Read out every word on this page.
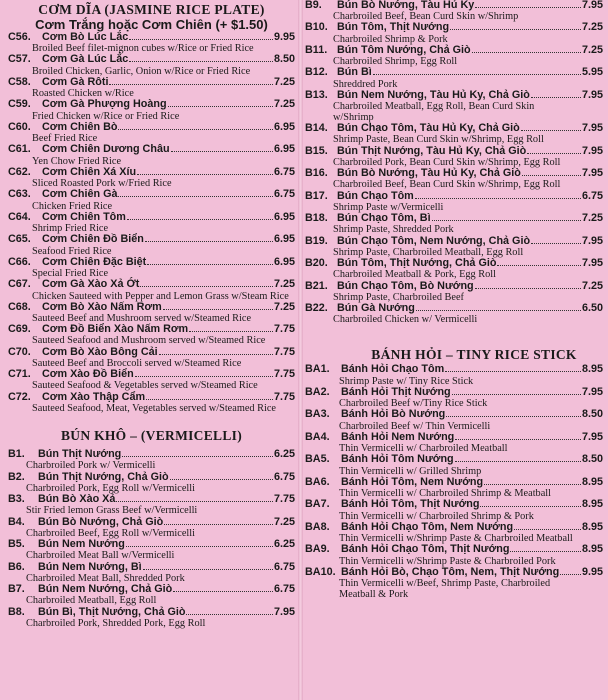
CƠM DĨA (JASMINE RICE PLATE)
Cơm Trắng hoặc Cơm Chiên (+ $1.50)
C56.	Cơm Bò Lúc Lắc	9.95
Broiled Beef filet-mignon cubes w/Rice or Fried Rice
C57.	Cơm Gà Lúc Lắc	8.50
Broiled Chicken, Garlic, Onion w/Rice or Fried Rice
C58.	Cơm Gà Rôti	7.25
Roasted Chicken w/Rice
C59.	Cơm Gà Phượng Hoàng	7.25
Fried Chicken w/Rice or Fried Rice
C60.	Cơm Chiên Bò	6.95
Beef Fried Rice
C61.	Cơm Chiên Dương Châu	6.95
Yen Chow Fried Rice
C62.	Cơm Chiên Xá Xíu	6.75
Sliced Roasted Pork w/Fried Rice
C63.	Cơm Chiên Gà	6.75
Chicken Fried Rice
C64.	Cơm Chiên Tôm	6.95
Shrimp Fried Rice
C65.	Cơm Chiên Đồ Biển	6.95
Seafood Fried Rice
C66.	Cơm Chiên Đặc Biệt	6.95
Special Fried Rice
C67.	Cơm Gà Xào Xả Ớt	7.25
Chicken Sauteed with Pepper and Lemon Grass w/Steam Rice
C68.	Cơm Bò Xào Nấm Rơm	7.25
Sauteed Beef and Mushroom served w/Steamed Rice
C69.	Cơm Đồ Biển Xào Nấm Rơm	7.75
Sauteed Seafood and Mushroom served w/Steamed Rice
C70.	Cơm Bò Xào Bông Cải	7.75
Sauteed Beef and Broccoli served w/Steamed Rice
C71.	Cơm Xào Đồ Biển	7.75
Sauteed Seafood & Vegetables served w/Steamed Rice
C72.	Cơm Xào Thập Cẩm	7.75
Sauteed Seafood, Meat, Vegetables served w/Steamed Rice
BÚN KHÔ – (VERMICELLI)
B1.	Bún Thịt Nướng	6.25
Charbroiled Pork w/ Vermicelli
B2.	Bún Thịt Nướng, Chả Giò	6.75
Charbroiled Pork, Egg Roll w/Vermicelli
B3.	Bún Bò Xào Xả	7.75
Stir Fried lemon Grass Beef w/Vermicelli
B4.	Bún Bò Nướng, Chả Giò	7.25
Charbroiled Beef, Egg Roll w/Vermicelli
B5.	Bún Nem Nướng	6.25
Charbroiled Meat Ball w/Vermicelli
B6.	Bún Nem Nướng, Bì	6.75
Charbroiled Meat Ball, Shredded Pork
B7.	Bún Nem Nướng, Chả Giò	6.75
Charbroiled Meatball, Egg Roll
B8.	Bún Bì, Thịt Nướng, Chả Giò	7.95
Charbroiled Pork, Shredded Pork, Egg Roll
B9.	Bún Bò Nướng, Tàu Hủ Ky	7.95
Charbroiled Beef, Bean Curd Skin w/Shrimp
B10. Bún Tôm, Thịt Nướng	7.25
Charbroiled Shrimp & Pork
B11. Bún Tôm Nướng, Chả Giò	7.25
Charbroiled Shrimp, Egg Roll
B12. Bún Bì	5.95
Shreddred Pork
B13. Bún Nem Nướng, Tàu Hủ Ky, Chả Giò	7.95
Charbroiled Meatball, Egg Roll, Bean Curd Skin w/Shrimp
B14. Bún Chạo Tôm, Tàu Hủ Ky, Chả Giò	7.95
Shrimp Paste, Bean Curd Skin w/Shrimp, Egg Roll
B15. Bún Thịt Nướng, Tàu Hủ Ky, Chả Giò	7.95
Charbroiled Pork, Bean Curd Skin w/Shrimp, Egg Roll
B16. Bún Bò Nướng, Tàu Hủ Ky, Chả Giò	7.95
Charbroiled Beef, Bean Curd Skin w/Shrimp, Egg Roll
B17. Bún Chạo Tôm	6.75
Shrimp Paste w/Vermicelli
B18. Bún Chạo Tôm, Bì	7.25
Shrimp Paste, Shredded Pork
B19. Bún Chạo Tôm, Nem Nướng, Chả Giò	7.95
Shrimp Paste, Charbroiled Meatball, Egg Roll
B20. Bún Tôm, Thịt Nướng, Chả Giò	7.95
Charbroiled Meatball & Pork, Egg Roll
B21. Bún Chạo Tôm, Bò Nướng	7.25
Shrimp Paste, Charbroiled Beef
B22. Bún Gà Nướng	6.50
Charbroiled Chicken w/ Vermicelli
BÁNH HỎI – TINY RICE STICK
BA1.	Bánh Hỏi Chạo Tôm	8.95
Shrimp Paste w/ Tiny Rice Stick
BA2.	Bánh Hỏi Thịt Nướng	7.95
Charbroiled Beef w/Tiny Rice Stick
BA3.	Bánh Hỏi Bò Nướng	8.50
Charbroiled Beef w/ Thin Vermicelli
BA4.	Bánh Hỏi Nem Nướng	7.95
Thin Vermicelli w/ Charbroiled Meatball
BA5.	Bánh Hỏi Tôm Nướng	8.50
Thin Vermicelli w/ Grilled Shrimp
BA6.	Bánh Hỏi Tôm, Nem Nướng	8.95
Thin Vermicelli w/ Charbroiled Shrimp & Meatball
BA7.	Bánh Hỏi Tôm, Thịt Nướng	8.95
Thin Vermicelli w/ Charbroiled Shrimp & Pork
BA8.	Bánh Hỏi Chạo Tôm, Nem Nướng	8.95
Thin Vermicelli w/Shrimp Paste & Charbroiled Meatball
BA9.	Bánh Hỏi Chạo Tôm, Thịt Nướng	8.95
Thin Vermicelli w/Shrimp Paste & Charbroiled Pork
BA10. Bánh Hỏi Bò, Chạo Tôm, Nem, Thịt Nướng 9.95
Thin Vermicelli w/Beef, Shrimp Paste, Charbroiled Meatball & Pork
